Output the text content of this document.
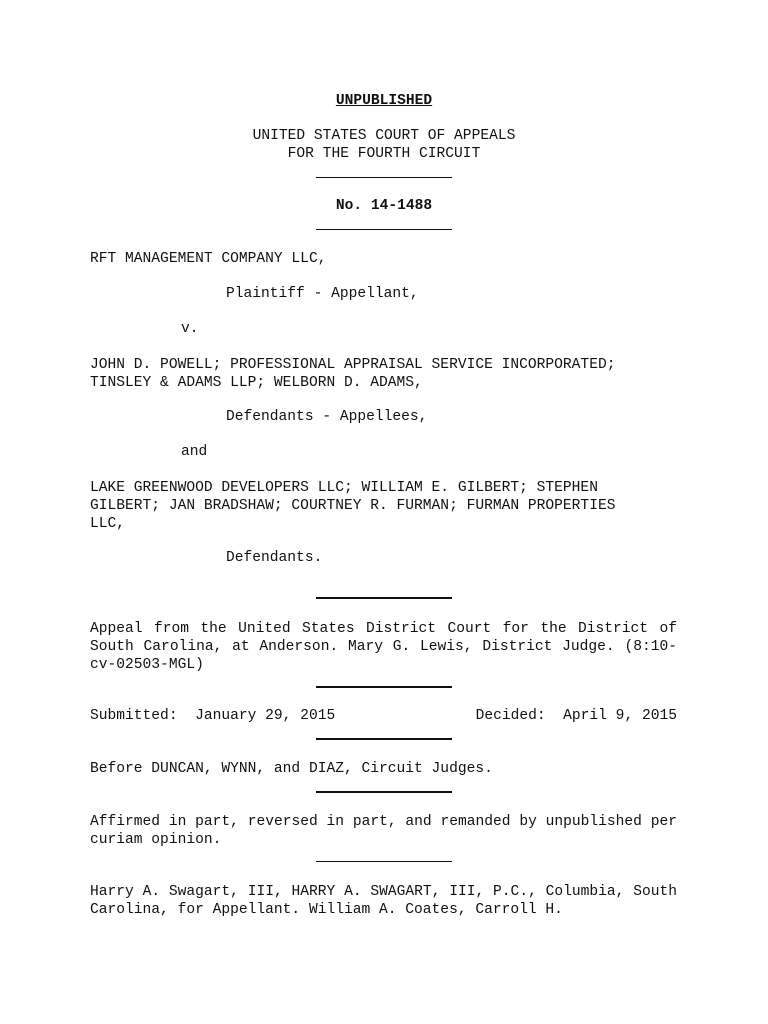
UNPUBLISHED
UNITED STATES COURT OF APPEALS
FOR THE FOURTH CIRCUIT
No. 14-1488
RFT MANAGEMENT COMPANY LLC,
Plaintiff - Appellant,
v.
JOHN D. POWELL; PROFESSIONAL APPRAISAL SERVICE INCORPORATED;
TINSLEY & ADAMS LLP; WELBORN D. ADAMS,
Defendants - Appellees,
and
LAKE GREENWOOD DEVELOPERS LLC; WILLIAM E. GILBERT; STEPHEN
GILBERT; JAN BRADSHAW; COURTNEY R. FURMAN; FURMAN PROPERTIES
LLC,
Defendants.
Appeal from the United States District Court for the District of South Carolina, at Anderson. Mary G. Lewis, District Judge. (8:10-cv-02503-MGL)
Submitted:  January 29, 2015	Decided:  April 9, 2015
Before DUNCAN, WYNN, and DIAZ, Circuit Judges.
Affirmed in part, reversed in part, and remanded by unpublished per curiam opinion.
Harry A. Swagart, III, HARRY A. SWAGART, III, P.C., Columbia, South Carolina, for Appellant. William A. Coates, Carroll H.
